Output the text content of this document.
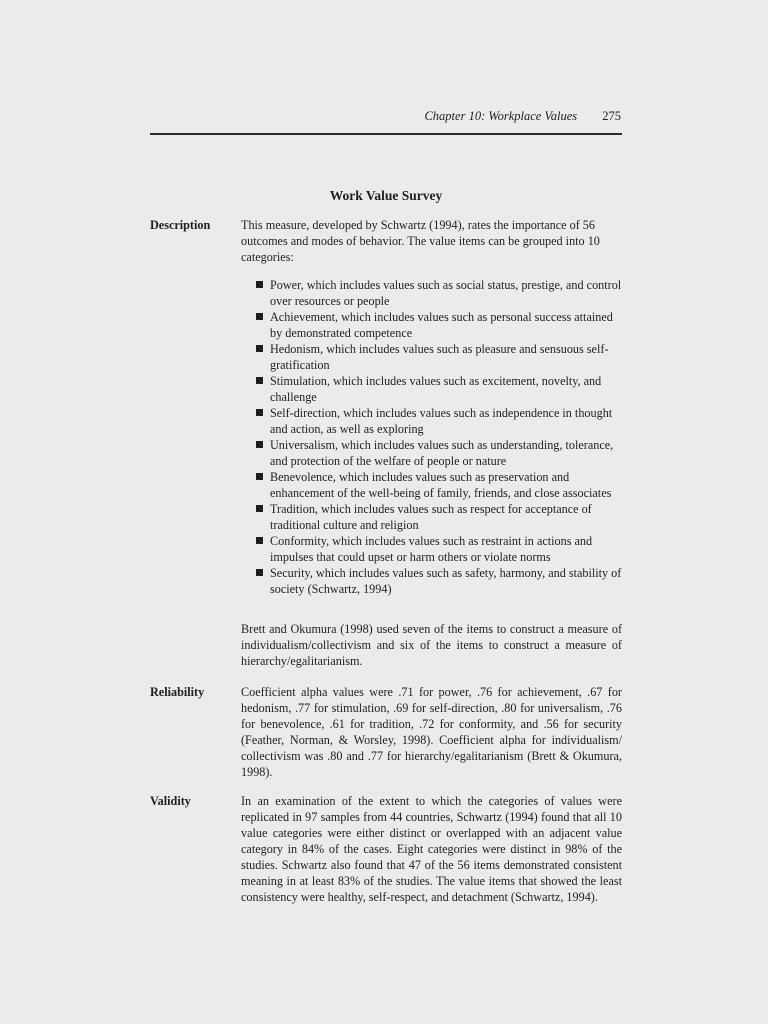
Chapter 10: Workplace Values 275
Work Value Survey
Description	This measure, developed by Schwartz (1994), rates the importance of 56 outcomes and modes of behavior. The value items can be grouped into 10 categories:

Power, which includes values such as social status, prestige, and control over resources or people
Achievement, which includes values such as personal success attained by demonstrated competence
Hedonism, which includes values such as pleasure and sensuous self-gratification
Stimulation, which includes values such as excitement, novelty, and challenge
Self-direction, which includes values such as independence in thought and action, as well as exploring
Universalism, which includes values such as understanding, tolerance, and protection of the welfare of people or nature
Benevolence, which includes values such as preservation and enhancement of the well-being of family, friends, and close associates
Tradition, which includes values such as respect for acceptance of traditional culture and religion
Conformity, which includes values such as restraint in actions and impulses that could upset or harm others or violate norms
Security, which includes values such as safety, harmony, and stability of society (Schwartz, 1994)

Brett and Okumura (1998) used seven of the items to construct a measure of individualism/collectivism and six of the items to construct a measure of hierarchy/egalitarianism.

Reliability	Coefficient alpha values were .71 for power, .76 for achievement, .67 for hedonism, .77 for stimulation, .69 for self-direction, .80 for universalism, .76 for benevolence, .61 for tradition, .72 for conformity, and .56 for security (Feather, Norman, & Worsley, 1998). Coefficient alpha for individualism/ collectivism was .80 and .77 for hierarchy/egalitarianism (Brett & Okumura, 1998).

Validity	In an examination of the extent to which the categories of values were replicated in 97 samples from 44 countries, Schwartz (1994) found that all 10 value categories were either distinct or overlapped with an adjacent value category in 84% of the cases. Eight categories were distinct in 98% of the studies. Schwartz also found that 47 of the 56 items demonstrated consistent meaning in at least 83% of the studies. The value items that showed the least consistency were healthy, self-respect, and detachment (Schwartz, 1994).
